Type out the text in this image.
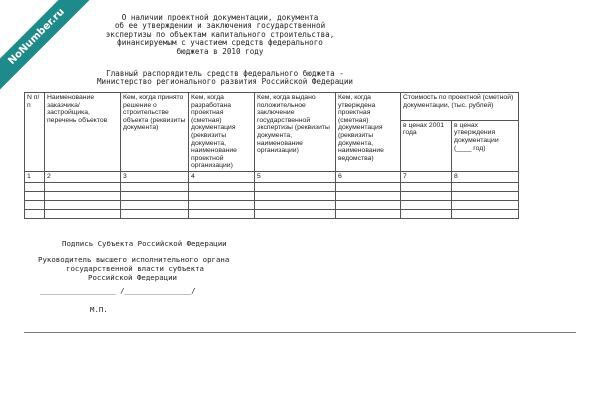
NoNumber.ru	О наличии проектной документации, документа
об ее утверждении и заключения государственной
экспертизы по объектам капитального строительства,
финансируемым с участием средств федерального
бюджета в 2010 году
Главный распорядитель средств федерального бюджета -
Министерство регионального развития Российской Федерации
N п/п	Наименование заказчика/ застройщика, перечень объектов	Кем, когда принято решение о строительстве объекта (реквизиты документа)	Кем, когда разработана проектная (сметная) документация (реквизиты документа, наименование проектной организации)	Кем, когда выдано положительное заключение государственной экспертизы (реквизиты документа, наименование организации)	Кем, когда утверждена проектная (сметная) документация (реквизиты документа, наименование ведомства)	Стоимость по проектной (сметной) документации, (тыс. рублей)	
						в ценах 2001 года	в ценах утверждения документации (____ год)
1	2	3	4	5	6	7	8

Подпись Субъекта Российской Федерации
Руководитель высшего исполнительного органа
государственной власти субъекта
Российской Федерации
_________________ /_______________/
М.П.
